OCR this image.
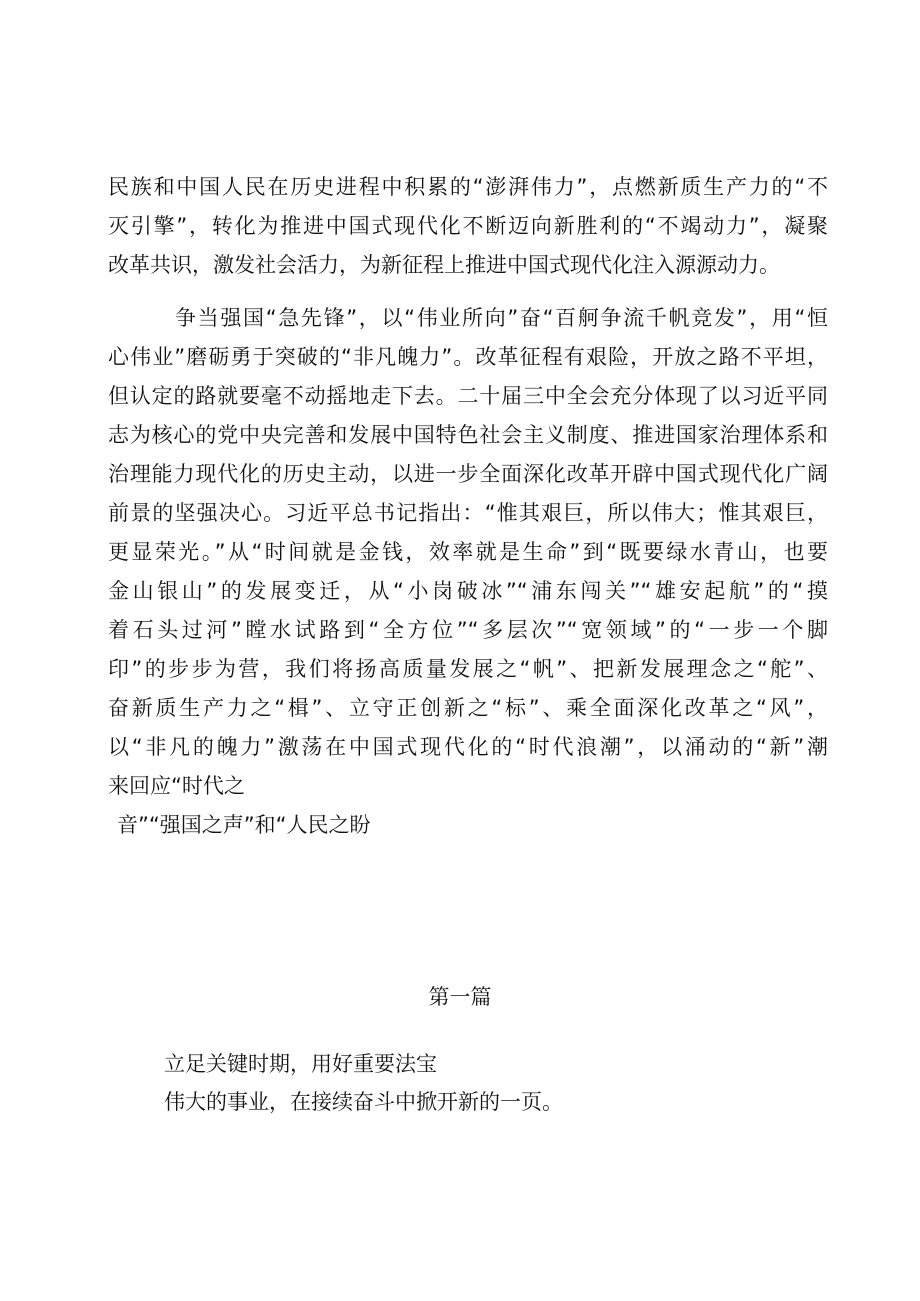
民族和中国人民在历史进程中积累的“澎湃伟力”，点燃新质生产力的“不
灭引擎”，转化为推进中国式现代化不断迈向新胜利的“不竭动力”，凝聚
改革共识，激发社会活力，为新征程上推进中国式现代化注入源源动力。
争当强国“急先锋”，以“伟业所向”奋“百舸争流千帆竞发”，用“恒
心伟业”磨砺勇于突破的“非凡魄力”。改革征程有艰险，开放之路不平坦，
但认定的路就要毫不动摇地走下去。二十届三中全会充分体现了以习近平同
志为核心的党中央完善和发展中国特色社会主义制度、推进国家治理体系和
治理能力现代化的历史主动，以进一步全面深化改革开辟中国式现代化广阔
前景的坚强决心。习近平总书记指出：“惟其艰巨，所以伟大；惟其艰巨，
更显荣光。”从“时间就是金钱，效率就是生命”到“既要绿水青山，也要
金山银山”的发展变迁，从“小岗破冰”“浦东闯关”“雄安起航”的“摸
着石头过河”瞠水试路到“全方位”“多层次”“宽领域”的“一步一个脚
印”的步步为营，我们将扬高质量发展之“帆”、把新发展理念之“舵”、
奋新质生产力之“楫”、立守正创新之“标”、乘全面深化改革之“风”，
以“非凡的魄力”激荡在中国式现代化的“时代浪潮”，以涌动的“新”潮
来回应“时代之
音”“强国之声”和“人民之盼
第一篇
立足关键时期，用好重要法宝
伟大的事业，在接续奋斗中掀开新的一页。
